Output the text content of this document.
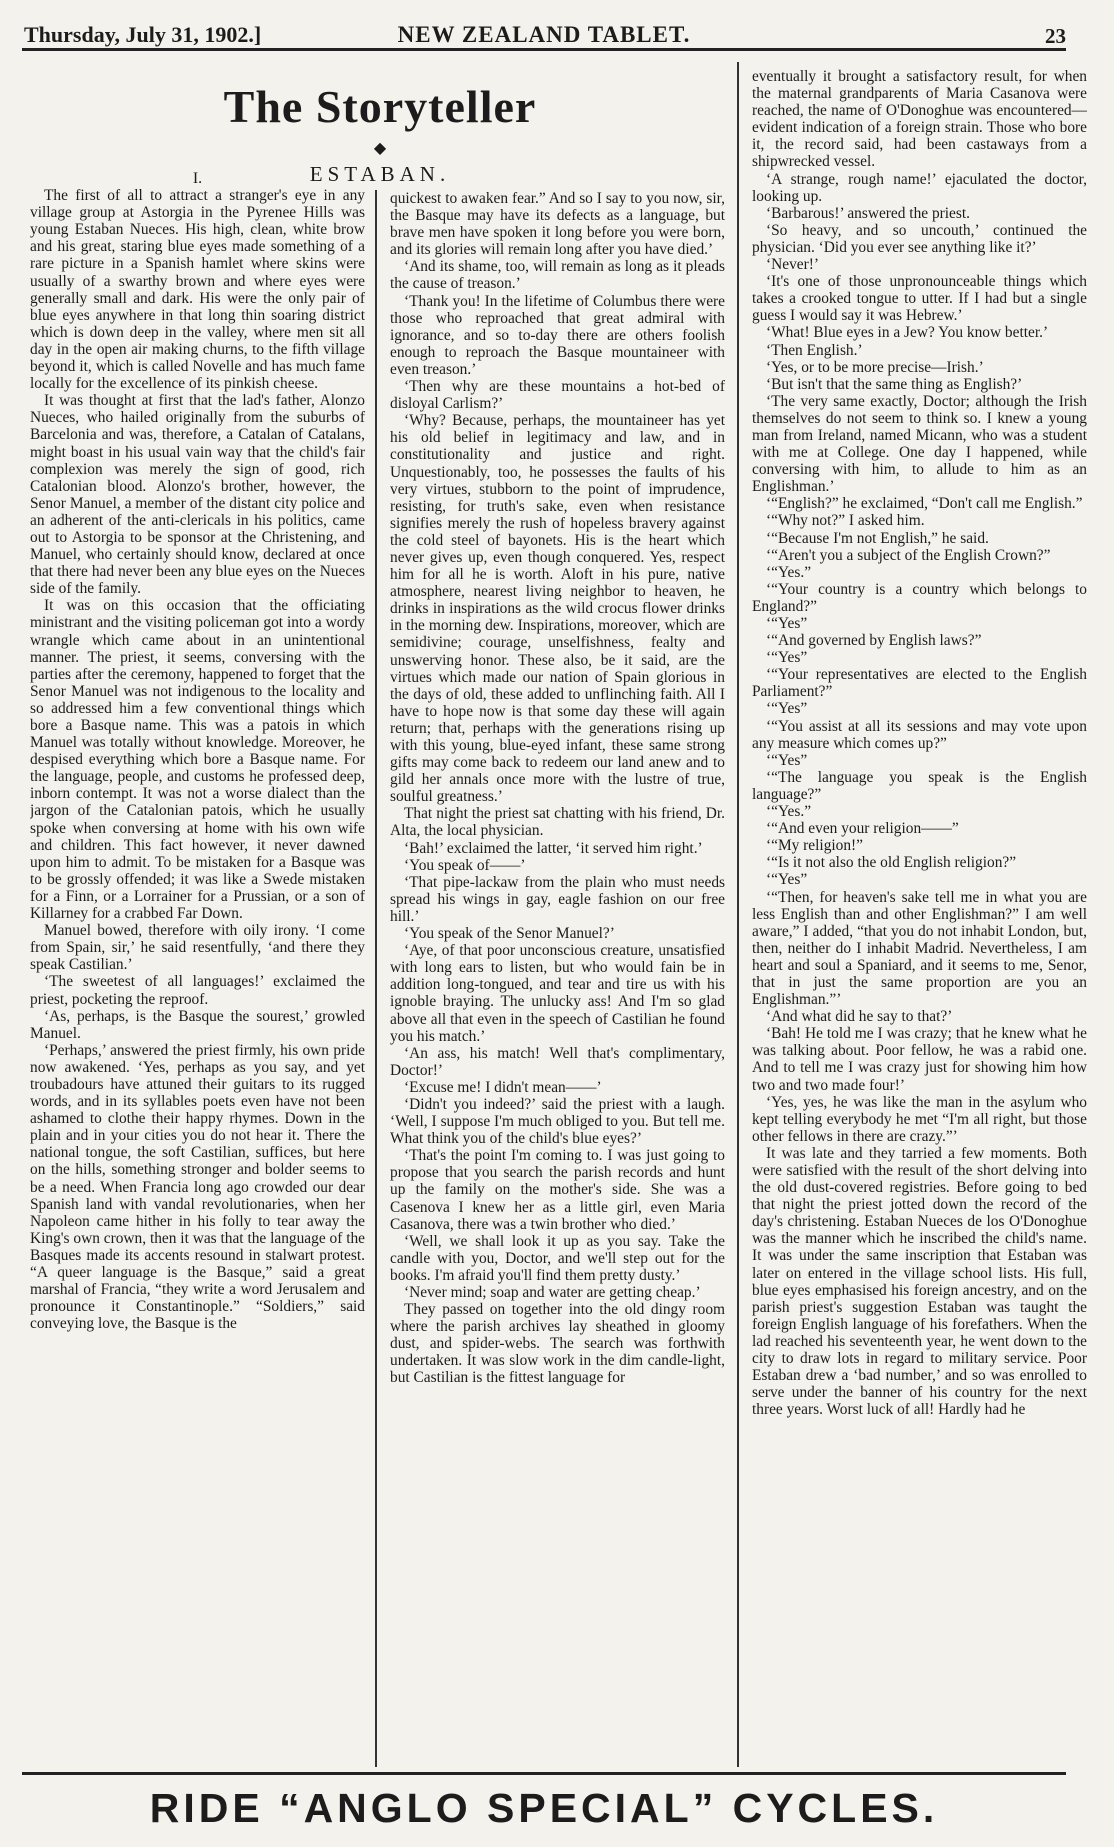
Thursday, July 31, 1902.]	NEW ZEALAND TABLET.	23
The Storyteller
◆
ESTABAN.

I.

The first of all to attract a stranger's eye in any village group at Astorgia in the Pyrenee Hills was young Estaban Nueces. His high, clean, white brow and his great, staring blue eyes made something of a rare picture in a Spanish hamlet where skins were usually of a swarthy brown and where eyes were generally small and dark. His were the only pair of blue eyes anywhere in that long thin soaring district which is down deep in the valley, where men sit all day in the open air making churns, to the fifth village beyond it, which is called Novelle and has much fame locally for the excellence of its pinkish cheese.

It was thought at first that the lad's father, Alonzo Nueces, who hailed originally from the suburbs of Barcelonia and was, therefore, a Catalan of Catalans, might boast in his usual vain way that the child's fair complexion was merely the sign of good, rich Catalonian blood. Alonzo's brother, however, the Senor Manuel, a member of the distant city police and an adherent of the anti-clericals in his politics, came out to Astorgia to be sponsor at the Christening, and Manuel, who certainly should know, declared at once that there had never been any blue eyes on the Nueces side of the family.

It was on this occasion that the officiating ministrant and the visiting policeman got into a wordy wrangle which came about in an unintentional manner. The priest, it seems, conversing with the parties after the ceremony, happened to forget that the Senor Manuel was not indigenous to the locality and so addressed him a few conventional things which bore a Basque name. This was a patois in which Manuel was totally without knowledge. Moreover, he despised everything which bore a Basque name. For the language, people, and customs he professed deep, inborn contempt. It was not a worse dialect than the jargon of the Catalonian patois, which he usually spoke when conversing at home with his own wife and children. This fact however, it never dawned upon him to admit. To be mistaken for a Basque was to be grossly offended; it was like a Swede mistaken for a Finn, or a Lorrainer for a Prussian, or a son of Killarney for a crabbed Far Down.

Manuel bowed, therefore with oily irony. ‘I come from Spain, sir,’ he said resentfully, ‘and there they speak Castilian.’

‘The sweetest of all languages!’ exclaimed the priest, pocketing the reproof.

‘As, perhaps, is the Basque the sourest,’ growled Manuel.

‘Perhaps,’ answered the priest firmly, his own pride now awakened. ‘Yes, perhaps as you say, and yet troubadours have attuned their guitars to its rugged words, and in its syllables poets even have not been ashamed to clothe their happy rhymes. Down in the plain and in your cities you do not hear it. There the national tongue, the soft Castilian, suffices, but here on the hills, something stronger and bolder seems to be a need. When Francia long ago crowded our dear Spanish land with vandal revolutionaries, when her Napoleon came hither in his folly to tear away the King's own crown, then it was that the language of the Basques made its accents resound in stalwart protest. “A queer language is the Basque,” said a great marshal of Francia, “they write a word Jerusalem and pronounce it Constantinople.” “Soldiers,” said conveying love, the Basque is the

quickest to awaken fear.” And so I say to you now, sir, the Basque may have its defects as a language, but brave men have spoken it long before you were born, and its glories will remain long after you have died.’

‘And its shame, too, will remain as long as it pleads the cause of treason.’

‘Thank you! In the lifetime of Columbus there were those who reproached that great admiral with ignorance, and so to-day there are others foolish enough to reproach the Basque mountaineer with even treason.’

‘Then why are these mountains a hot-bed of disloyal Carlism?’

‘Why? Because, perhaps, the mountaineer has yet his old belief in legitimacy and law, and in constitutionality and justice and right. Unquestionably, too, he possesses the faults of his very virtues, stubborn to the point of imprudence, resisting, for truth's sake, even when resistance signifies merely the rush of hopeless bravery against the cold steel of bayonets. His is the heart which never gives up, even though conquered. Yes, respect him for all he is worth. Aloft in his pure, native atmosphere, nearest living neighbor to heaven, he drinks in inspirations as the wild crocus flower drinks in the morning dew. Inspirations, moreover, which are semidivine; courage, unselfishness, fealty and unswerving honor. These also, be it said, are the virtues which made our nation of Spain glorious in the days of old, these added to unflinching faith. All I have to hope now is that some day these will again return; that, perhaps with the generations rising up with this young, blue-eyed infant, these same strong gifts may come back to redeem our land anew and to gild her annals once more with the lustre of true, soulful greatness.’

That night the priest sat chatting with his friend, Dr. Alta, the local physician.

‘Bah!’ exclaimed the latter, ‘it served him right.’

‘You speak of——’

‘That pipe-lackaw from the plain who must needs spread his wings in gay, eagle fashion on our free hill.’

‘You speak of the Senor Manuel?’

‘Aye, of that poor unconscious creature, unsatisfied with long ears to listen, but who would fain be in addition long-tongued, and tear and tire us with his ignoble braying. The unlucky ass! And I'm so glad above all that even in the speech of Castilian he found you his match.’

‘An ass, his match! Well that's complimentary, Doctor!’

‘Excuse me! I didn't mean——’

‘Didn't you indeed?’ said the priest with a laugh. ‘Well, I suppose I'm much obliged to you. But tell me. What think you of the child's blue eyes?’

‘That's the point I'm coming to. I was just going to propose that you search the parish records and hunt up the family on the mother's side. She was a Casenova I knew her as a little girl, even Maria Casanova, there was a twin brother who died.’

‘Well, we shall look it up as you say. Take the candle with you, Doctor, and we'll step out for the books. I'm afraid you'll find them pretty dusty.’

‘Never mind; soap and water are getting cheap.’

They passed on together into the old dingy room where the parish archives lay sheathed in gloomy dust, and spider-webs. The search was forthwith undertaken. It was slow work in the dim candle-light, but Castilian is the fittest language for

eventually it brought a satisfactory result, for when the maternal grandparents of Maria Casanova were reached, the name of O'Donoghue was encountered—evident indication of a foreign strain. Those who bore it, the record said, had been castaways from a shipwrecked vessel.

‘A strange, rough name!’ ejaculated the doctor, looking up.

‘Barbarous!’ answered the priest.

‘So heavy, and so uncouth,’ continued the physician. ‘Did you ever see anything like it?’

‘Never!’

‘It's one of those unpronounceable things which takes a crooked tongue to utter. If I had but a single guess I would say it was Hebrew.’

‘What! Blue eyes in a Jew? You know better.’

‘Then English.’

‘Yes, or to be more precise—Irish.’

‘But isn't that the same thing as English?’

‘The very same exactly, Doctor; although the Irish themselves do not seem to think so. I knew a young man from Ireland, named Micann, who was a student with me at College. One day I happened, while conversing with him, to allude to him as an Englishman.’

‘“English?” he exclaimed, “Don't call me English.”

‘“Why not?” I asked him.

‘“Because I'm not English,” he said.

‘“Aren't you a subject of the English Crown?”

‘“Yes.”

‘“Your country is a country which belongs to England?”

‘“Yes”

‘“And governed by English laws?”

‘“Yes”

‘“Your representatives are elected to the English Parliament?”

‘“Yes”

‘“You assist at all its sessions and may vote upon any measure which comes up?”

‘“Yes”

‘“The language you speak is the English language?”

‘“Yes.”

‘“And even your religion——”

‘“My religion!”

‘“Is it not also the old English religion?”

‘“Yes”

‘“Then, for heaven's sake tell me in what you are less English than and other Englishman?” I am well aware,” I added, “that you do not inhabit London, but, then, neither do I inhabit Madrid. Nevertheless, I am heart and soul a Spaniard, and it seems to me, Senor, that in just the same proportion are you an Englishman.”’

‘And what did he say to that?’

‘Bah! He told me I was crazy; that he knew what he was talking about. Poor fellow, he was a rabid one. And to tell me I was crazy just for showing him how two and two made four!’

‘Yes, yes, he was like the man in the asylum who kept telling everybody he met “I'm all right, but those other fellows in there are crazy.”’

It was late and they tarried a few moments. Both were satisfied with the result of the short delving into the old dust-covered registries. Before going to bed that night the priest jotted down the record of the day's christening. Estaban Nueces de los O'Donoghue was the manner which he inscribed the child's name. It was under the same inscription that Estaban was later on entered in the village school lists. His full, blue eyes emphasised his foreign ancestry, and on the parish priest's suggestion Estaban was taught the foreign English language of his forefathers. When the lad reached his seventeenth year, he went down to the city to draw lots in regard to military service. Poor Estaban drew a ‘bad number,’ and so was enrolled to serve under the banner of his country for the next three years. Worst luck of all! Hardly had he

RIDE “ANGLO SPECIAL” CYCLES.
